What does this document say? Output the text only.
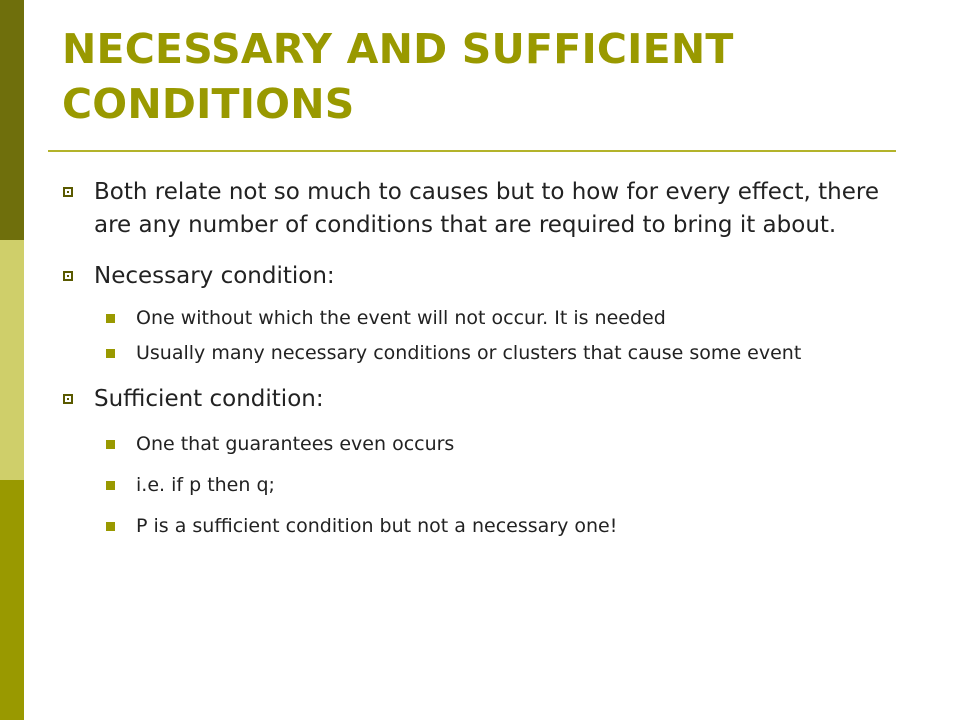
NECESSARY AND SUFFICIENT CONDITIONS
Both relate not so much to causes but to how for every effect, there are any number of conditions that are required to bring it about.
Necessary condition:
One without which the event will not occur. It is needed
Usually many necessary conditions or clusters that cause some event
Sufficient condition:
One that guarantees even occurs
i.e. if p then q;
P is a sufficient condition but not a necessary one!
